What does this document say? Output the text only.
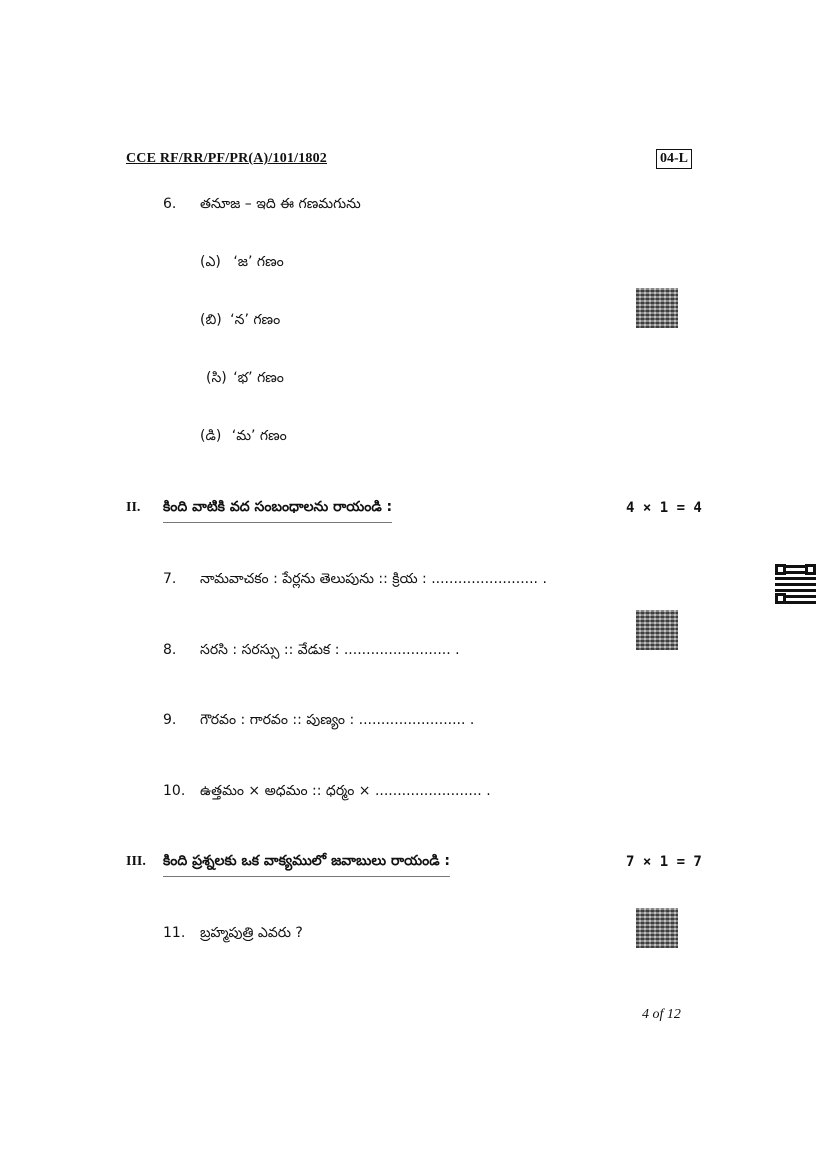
CCE RF/RR/PF/PR(A)/101/1802	04-L
6. తనూజ – ఇది ఈ గణమగును
(ఎ) ‘జ’ గణం
(బి) ‘న’ గణం
(సి) ‘భ’ గణం
(డి) ‘మ’ గణం
II. కింది వాటికి వద సంబంధాలను రాయండి :	4 × 1 = 4
7. నామవాచకం : పేర్లను తెలుపును :: క్రియ : ........................ .
8. సరసి : సరస్సు :: వేడుక : ........................ .
9. గౌరవం : గారవం :: పుణ్యం : ........................ .
10. ఉత్తమం × అధమం :: ధర్మం × ........................ .
III. కింది ప్రశ్నలకు ఒక వాక్యములో జవాబులు రాయండి :	7 × 1 = 7
11. బ్రహ్మపుత్రి ఎవరు ?
4 of 12
